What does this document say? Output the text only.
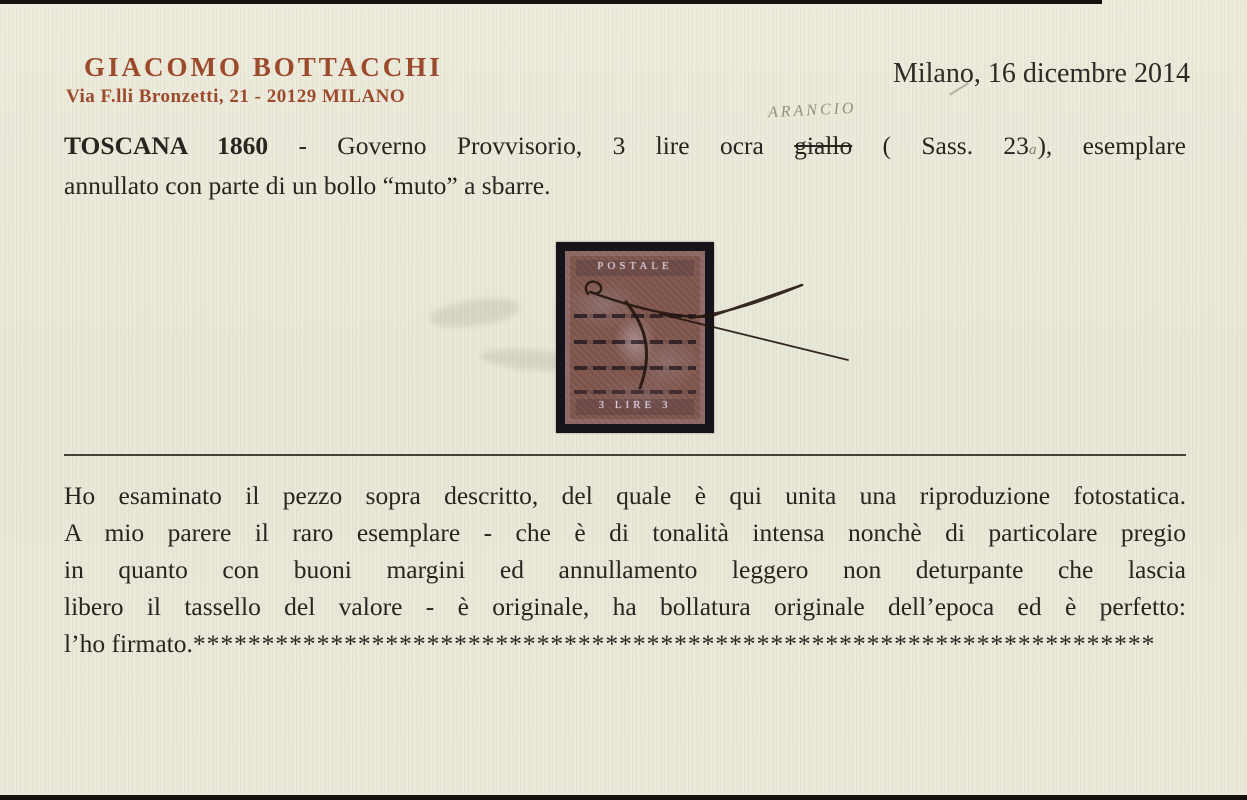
GIACOMO BOTTACCHI
Via F.lli Bronzetti, 21 - 20129 MILANO
Milano, 16 dicembre 2014
ARANCIO
TOSCANA 1860 - Governo Provvisorio, 3 lire ocra giallo ( Sass. 23a), esemplare
annullato con parte di un bollo “muto” a sbarre.
POSTALE
3 LIRE 3
Ho esaminato il pezzo sopra descritto, del quale è qui unita una riproduzione fotostatica.
A mio parere il raro esemplare - che è di tonalità intensa nonchè di particolare pregio
in quanto con buoni margini ed annullamento leggero non deturpante che lascia
libero il tassello del valore - è originale, ha bollatura originale dell’epoca ed è perfetto:
l’ho firmato.**********************************************************************
